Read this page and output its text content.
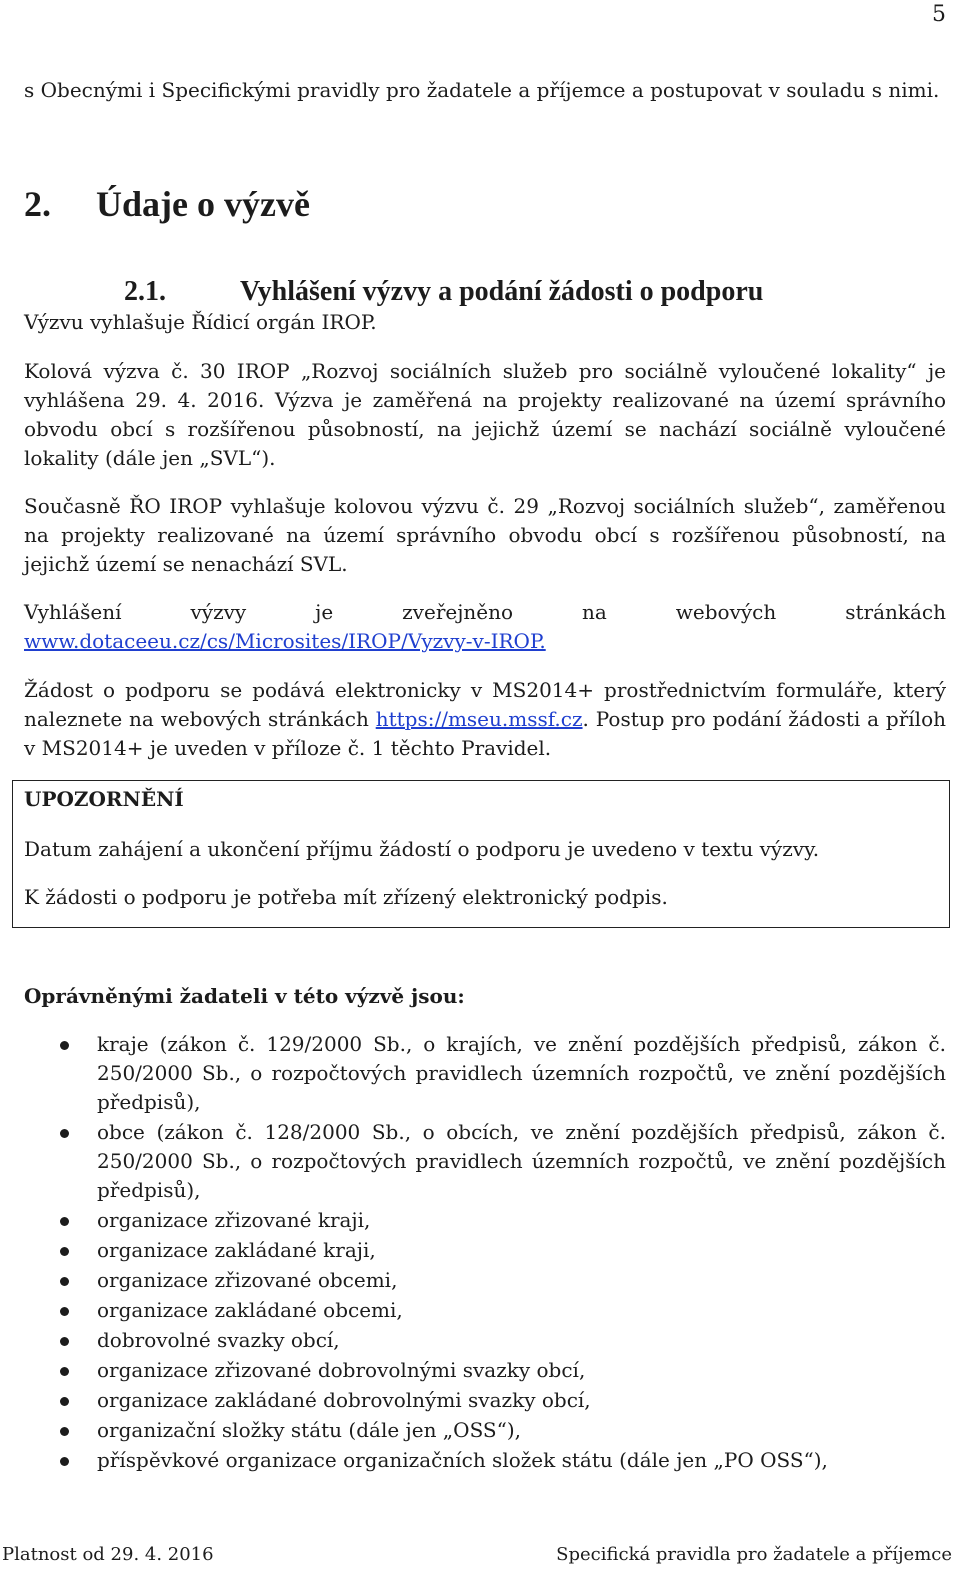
5

s Obecnými i Specifickými pravidly pro žadatele a příjemce a postupovat v souladu s nimi.

2. Údaje o výzvě
2.1.	Vyhlášení výzvy a podání žádosti o podporu

Výzvu vyhlašuje Řídicí orgán IROP.

Kolová výzva č. 30 IROP „Rozvoj sociálních služeb pro sociálně vyloučené lokality“ je vyhlášena 29. 4. 2016. Výzva je zaměřená na projekty realizované na území správního obvodu obcí s rozšířenou působností, na jejichž území se nachází sociálně vyloučené lokality (dále jen „SVL“).

Současně ŘO IROP vyhlašuje kolovou výzvu č. 29 „Rozvoj sociálních služeb“, zaměřenou na projekty realizované na území správního obvodu obcí s rozšířenou působností, na jejichž území se nenachází SVL.

Vyhlášení výzvy je zveřejněno na webových stránkách

www.dotaceeu.cz/cs/Microsites/IROP/Vyzvy-v-IROP.

Žádost o podporu se podává elektronicky v MS2014+ prostřednictvím formuláře, který naleznete na webových stránkách https://mseu.mssf.cz. Postup pro podání žádosti a příloh v MS2014+ je uveden v příloze č. 1 těchto Pravidel.

UPOZORNĚNÍ
Datum zahájení a ukončení příjmu žádostí o podporu je uvedeno v textu výzvy.
K žádosti o podporu je potřeba mít zřízený elektronický podpis.
Oprávněnými žadateli v této výzvě jsou:
kraje (zákon č. 129/2000 Sb., o krajích, ve znění pozdějších předpisů, zákon č. 250/2000 Sb., o rozpočtových pravidlech územních rozpočtů, ve znění pozdějších předpisů),
obce (zákon č. 128/2000 Sb., o obcích, ve znění pozdějších předpisů, zákon č. 250/2000 Sb., o rozpočtových pravidlech územních rozpočtů, ve znění pozdějších předpisů),
organizace zřizované kraji,
organizace zakládané kraji,
organizace zřizované obcemi,
organizace zakládané obcemi,
dobrovolné svazky obcí,
organizace zřizované dobrovolnými svazky obcí,
organizace zakládané dobrovolnými svazky obcí,
organizační složky státu (dále jen „OSS“),
příspěvkové organizace organizačních složek státu (dále jen „PO OSS“),
Platnost od 29. 4. 2016	Specifická pravidla pro žadatele a příjemce
